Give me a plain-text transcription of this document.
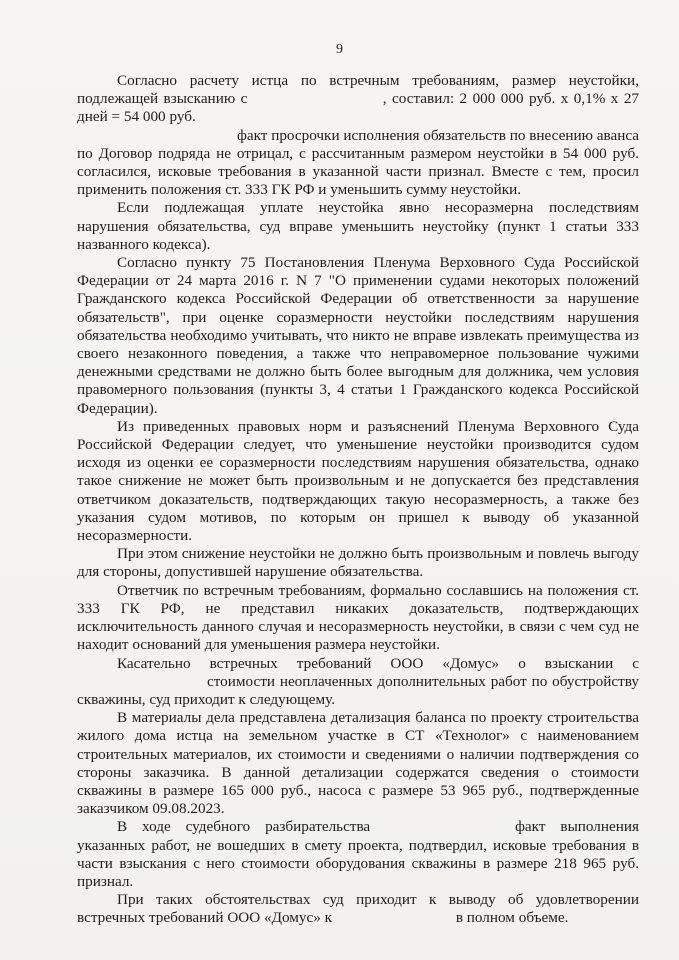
9

Согласно расчету истца по встречным требованиям, размер неустойки, подлежащей взысканию с	, составил: 2 000 000 руб. х 0,1% х 27 дней = 54 000 руб.

факт просрочки исполнения обязательств по внесению аванса по Договор подряда не отрицал, с рассчитанным размером неустойки в 54 000 руб. согласился, исковые требования в указанной части признал. Вместе с тем, просил применить положения ст. 333 ГК РФ и уменьшить сумму неустойки.

Если подлежащая уплате неустойка явно несоразмерна последствиям нарушения обязательства, суд вправе уменьшить неустойку (пункт 1 статьи 333 названного кодекса).

Согласно пункту 75 Постановления Пленума Верховного Суда Российской Федерации от 24 марта 2016 г. N 7 "О применении судами некоторых положений Гражданского кодекса Российской Федерации об ответственности за нарушение обязательств", при оценке соразмерности неустойки последствиям нарушения обязательства необходимо учитывать, что никто не вправе извлекать преимущества из своего незаконного поведения, а также что неправомерное пользование чужими денежными средствами не должно быть более выгодным для должника, чем условия правомерного пользования (пункты 3, 4 статьи 1 Гражданского кодекса Российской Федерации).

Из приведенных правовых норм и разъяснений Пленума Верховного Суда Российской Федерации следует, что уменьшение неустойки производится судом исходя из оценки ее соразмерности последствиям нарушения обязательства, однако такое снижение не может быть произвольным и не допускается без представления ответчиком доказательств, подтверждающих такую несоразмерность, а также без указания судом мотивов, по которым он пришел к выводу об указанной несоразмерности.

При этом снижение неустойки не должно быть произвольным и повлечь выгоду для стороны, допустившей нарушение обязательства.

Ответчик по встречным требованиям, формально сославшись на положения ст. 333 ГК РФ, не представил никаких доказательств, подтверждающих исключительность данного случая и несоразмерность неустойки, в связи с чем суд не находит оснований для уменьшения размера неустойки.

Касательно встречных требований ООО «Домус» о взыскании с стоимости неоплаченных дополнительных работ по обустройству скважины, суд приходит к следующему.

В материалы дела представлена детализация баланса по проекту строительства жилого дома истца на земельном участке в СТ «Технолог» с наименованием строительных материалов, их стоимости и сведениями о наличии подтверждения со стороны заказчика. В данной детализации содержатся сведения о стоимости скважины в размере 165 000 руб., насоса с размере 53 965 руб., подтвержденные заказчиком 09.08.2023.

В ходе судебного разбирательства	факт выполнения указанных работ, не вошедших в смету проекта, подтвердил, исковые требования в части взыскания с него стоимости оборудования скважины в размере 218 965 руб. признал.

При таких обстоятельствах суд приходит к выводу об удовлетворении встречных требований ООО «Домус» к	в полном объеме.
